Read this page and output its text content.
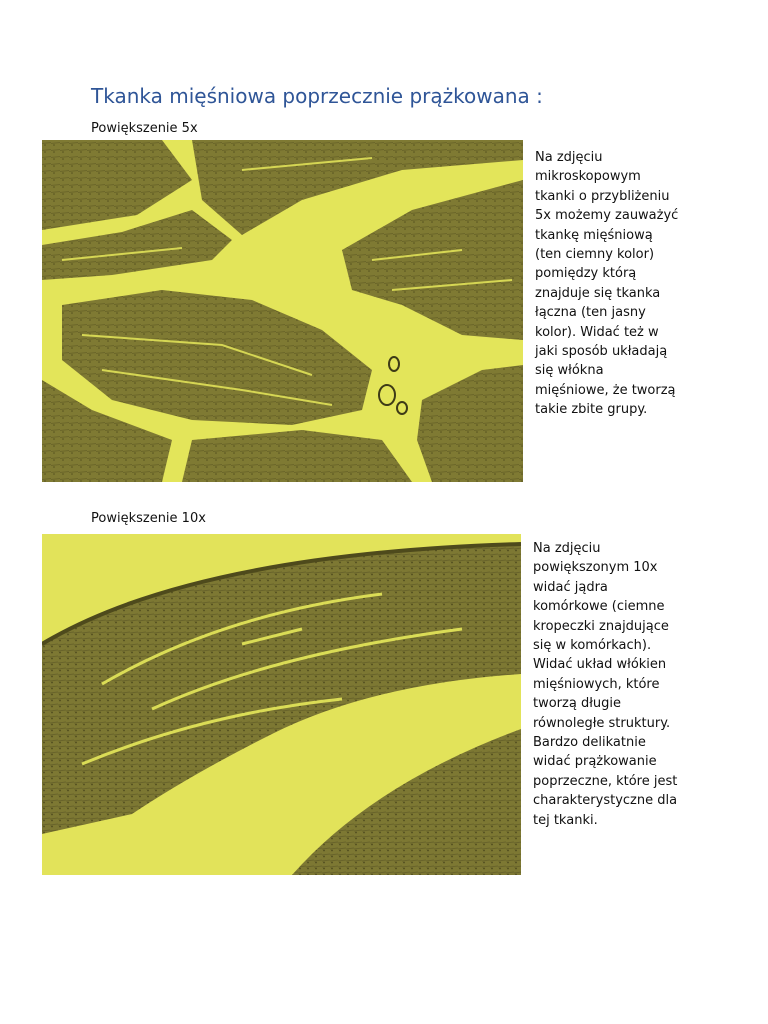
Tkanka mięśniowa poprzecznie prążkowana :
Powiększenie 5x
Na zdjęciu
mikroskopowym
tkanki o przybliżeniu
5x możemy zauważyć
tkankę mięśniową
(ten ciemny kolor)
pomiędzy którą
znajduje się tkanka
łączna (ten jasny
kolor). Widać też w
jaki sposób układają
się włókna
mięśniowe, że tworzą
takie zbite grupy.
Powiększenie 10x
Na zdjęciu
powiększonym 10x
widać jądra
komórkowe (ciemne
kropeczki znajdujące
się w komórkach).
Widać układ włókien
mięśniowych, które
tworzą długie
równoległe struktury.
Bardzo delikatnie
widać prążkowanie
poprzeczne, które jest
charakterystyczne dla
tej tkanki.
